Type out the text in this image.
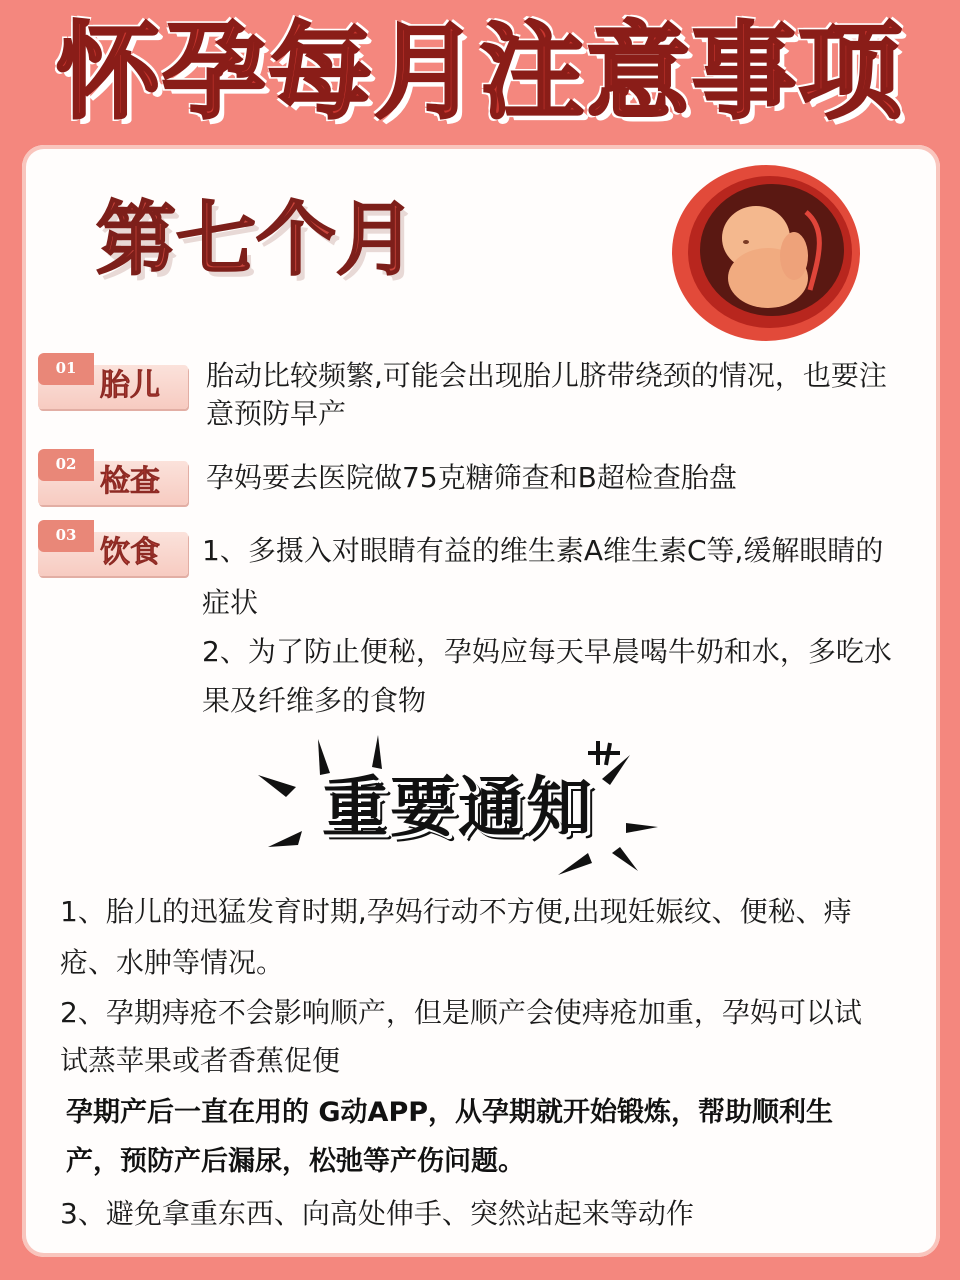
怀孕每月注意事项
第七个月
01 胎儿 胎动比较频繁,可能会出现胎儿脐带绕颈的情况，也要注
意预防早产
02 检查 孕妈要去医院做75克糖筛查和B超检查胎盘
03 饮食 1、多摄入对眼睛有益的维生素A维生素C等,缓解眼睛的
症状
2、为了防止便秘，孕妈应每天早晨喝牛奶和水，多吃水
果及纤维多的食物
重要通知
1、胎儿的迅猛发育时期,孕妈行动不方便,出现妊娠纹、便秘、痔
疮、水肿等情况。
2、孕期痔疮不会影响顺产，但是顺产会使痔疮加重，孕妈可以试
试蒸苹果或者香蕉促便
孕期产后一直在用的 G动APP，从孕期就开始锻炼，帮助顺利生
产，预防产后漏尿，松弛等产伤问题。
3、避免拿重东西、向高处伸手、突然站起来等动作
